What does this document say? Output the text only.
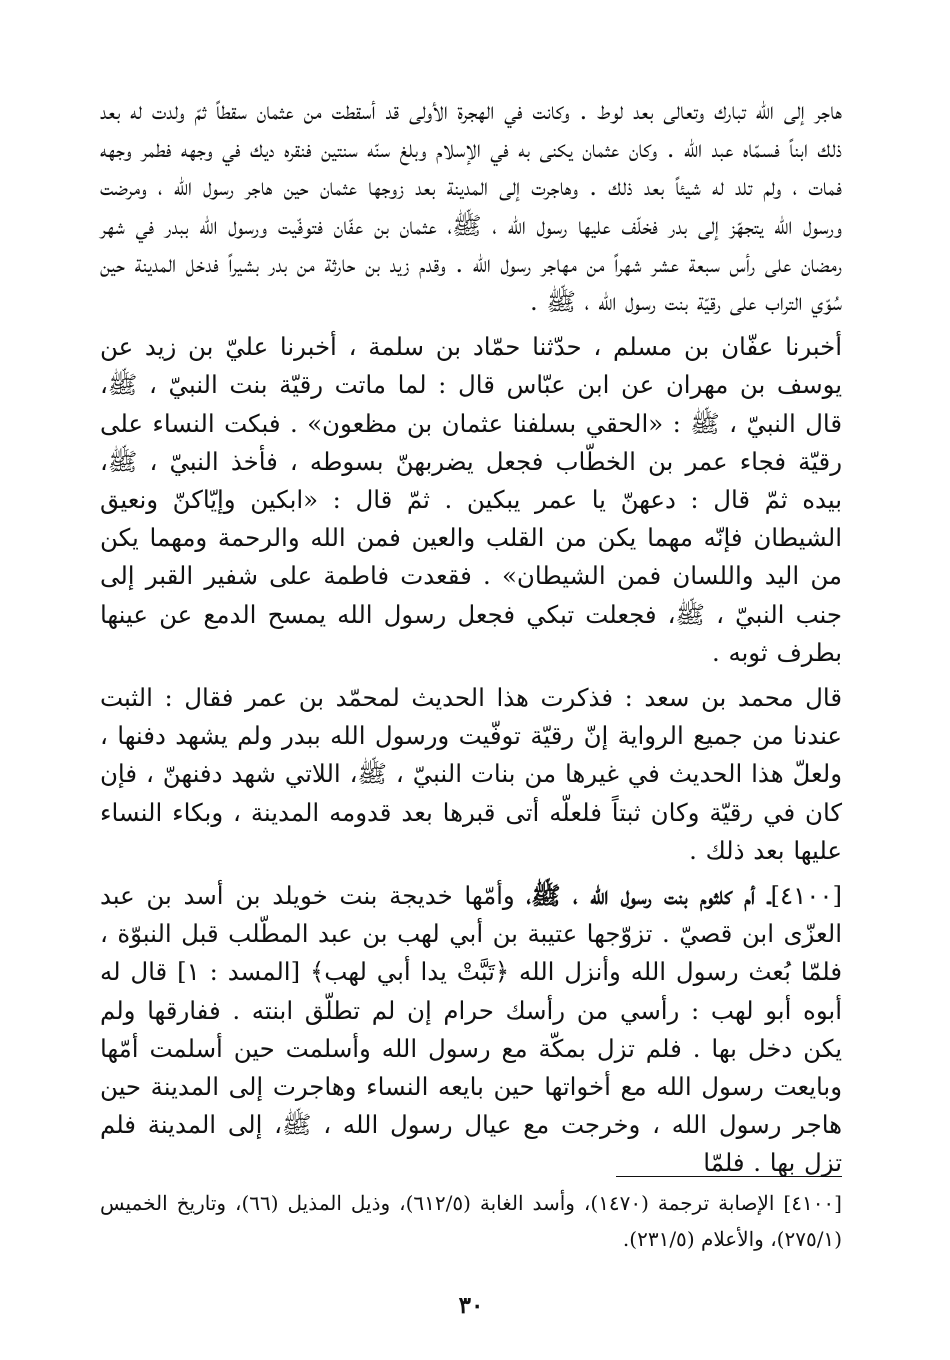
هاجر إلى الله تبارك وتعالى بعد لوط . وكانت في الهجرة الأولى قد أسقطت من عثمان سقطاً ثمّ ولدت له بعد ذلك ابناً فسمّاه عبد الله . وكان عثمان يكنى به في الإسلام وبلغ سنّه سنتين فنقره ديك في وجهه فطمر وجهه فمات ، ولم تلد له شيئاً بعد ذلك . وهاجرت إلى المدينة بعد زوجها عثمان حين هاجر رسول الله ، ومرضت ورسول الله يتجهّز إلى بدر فخلّف عليها رسول الله ، ﷺ، عثمان بن عفّان فتوفّيت ورسول الله ببدر في شهر رمضان على رأس سبعة عشر شهراً من مهاجر رسول الله . وقدم زيد بن حارثة من بدر بشيراً فدخل المدينة حين سُوّي التراب على رقيّة بنت رسول الله ، ﷺ .

أخبرنا عفّان بن مسلم ، حدّثنا حمّاد بن سلمة ، أخبرنا عليّ بن زيد عن يوسف بن مهران عن ابن عبّاس قال : لما ماتت رقيّة بنت النبيّ ، ﷺ، قال النبيّ ، ﷺ : «الحقي بسلفنا عثمان بن مظعون» . فبكت النساء على رقيّة فجاء عمر بن الخطّاب فجعل يضربهنّ بسوطه ، فأخذ النبيّ ، ﷺ، بيده ثمّ قال : دعهنّ يا عمر يبكين . ثمّ قال : «ابكين وإيّاكنّ ونعيق الشيطان فإنّه مهما يكن من القلب والعين فمن الله والرحمة ومهما يكن من اليد واللسان فمن الشيطان» . فقعدت فاطمة على شفير القبر إلى جنب النبيّ ، ﷺ، فجعلت تبكي فجعل رسول الله يمسح الدمع عن عينها بطرف ثوبه .

قال محمد بن سعد : فذكرت هذا الحديث لمحمّد بن عمر فقال : الثبت عندنا من جميع الرواية إنّ رقيّة توفّيت ورسول الله ببدر ولم يشهد دفنها ، ولعلّ هذا الحديث في غيرها من بنات النبيّ ، ﷺ، اللاتي شهد دفنهنّ ، فإن كان في رقيّة وكان ثبتاً فلعلّه أتى قبرها بعد قدومه المدينة ، وبكاء النساء عليها بعد ذلك .

[٤١٠٠]ـ أم كلثوم بنت رسول الله ، ﷺ، وأمّها خديجة بنت خويلد بن أسد بن عبد العزّى ابن قصيّ . تزوّجها عتيبة بن أبي لهب بن عبد المطّلب قبل النبوّة ، فلمّا بُعث رسول الله وأنزل الله ﴿تَبَّتْ يدا أبي لهب﴾ [المسد : ١] قال له أبوه أبو لهب : رأسي من رأسك حرام إن لم تطلّق ابنته . ففارقها ولم يكن دخل بها . فلم تزل بمكّة مع رسول الله وأسلمت حين أسلمت أمّها وبايعت رسول الله مع أخواتها حين بايعه النساء وهاجرت إلى المدينة حين هاجر رسول الله ، وخرجت مع عيال رسول الله ، ﷺ، إلى المدينة فلم تزل بها . فلمّا

[٤١٠٠] الإصابة ترجمة (١٤٧٠)، وأسد الغابة (٦١٢/٥)، وذيل المذيل (٦٦)، وتاريخ الخميس (٢٧٥/١)، والأعلام (٢٣١/٥).

٣٠
